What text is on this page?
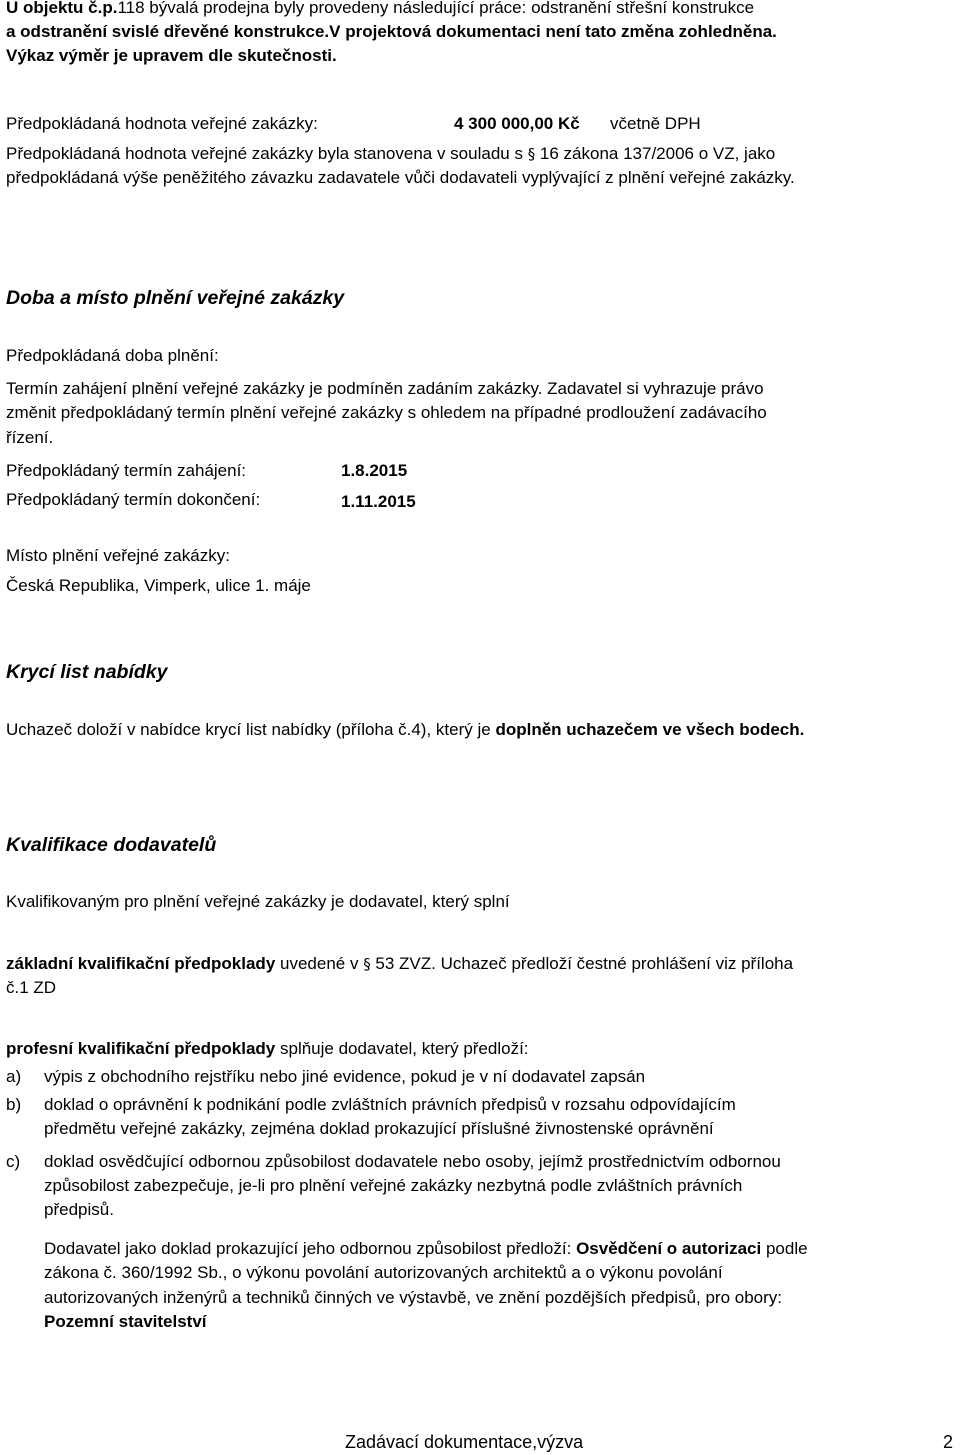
U objektu č.p.118 bývalá prodejna byly provedeny následující práce: odstranění střešní konstrukce
a odstranění svislé dřevěné konstrukce.V projektová dokumentaci není tato změna zohledněna.
Výkaz výměr je upravem dle skutečnosti.
Předpokládaná hodnota veřejné zakázky:	4 300 000,00 Kč včetně DPH
Předpokládaná hodnota veřejné zakázky byla stanovena v souladu s § 16 zákona 137/2006 o VZ, jako
předpokládaná výše peněžitého závazku zadavatele vůči dodavateli vyplývající z plnění veřejné zakázky.
Doba a místo plnění veřejné zakázky
Předpokládaná doba plnění:
Termín zahájení plnění veřejné zakázky je podmíněn zadáním zakázky. Zadavatel si vyhrazuje právo
změnit předpokládaný termín plnění veřejné zakázky s ohledem na případné prodloužení zadávacího
řízení.
Předpokládaný termín zahájení:	1.8.2015
Předpokládaný termín dokončení:	1.11.2015
Místo plnění veřejné zakázky:
Česká Republika, Vimperk, ulice 1. máje
Krycí list nabídky
Uchazeč doloží v nabídce krycí list nabídky (příloha č.4), který je doplněn uchazečem ve všech bodech.
Kvalifikace dodavatelů
Kvalifikovaným pro plnění veřejné zakázky je dodavatel, který splní
základní kvalifikační předpoklady uvedené v § 53 ZVZ. Uchazeč předloží čestné prohlášení viz příloha
č.1 ZD
profesní kvalifikační předpoklady splňuje dodavatel, který předloží:
a) výpis z obchodního rejstříku nebo jiné evidence, pokud je v ní dodavatel zapsán
b) doklad o oprávnění k podnikání podle zvláštních právních předpisů v rozsahu odpovídajícím
předmětu veřejné zakázky, zejména doklad prokazující příslušné živnostenské oprávnění
c) doklad osvědčující odbornou způsobilost dodavatele nebo osoby, jejímž prostřednictvím odbornou
způsobilost zabezpečuje, je-li pro plnění veřejné zakázky nezbytná podle zvláštních právních
předpisů.
Dodavatel jako doklad prokazující jeho odbornou způsobilost předloží: Osvědčení o autorizaci podle
zákona č. 360/1992 Sb., o výkonu povolání autorizovaných architektů a o výkonu povolání
autorizovaných inženýrů a techniků činných ve výstavbě, ve znění pozdějších předpisů, pro obory:
Pozemní stavitelství
Zadávací dokumentace,výzva	2
